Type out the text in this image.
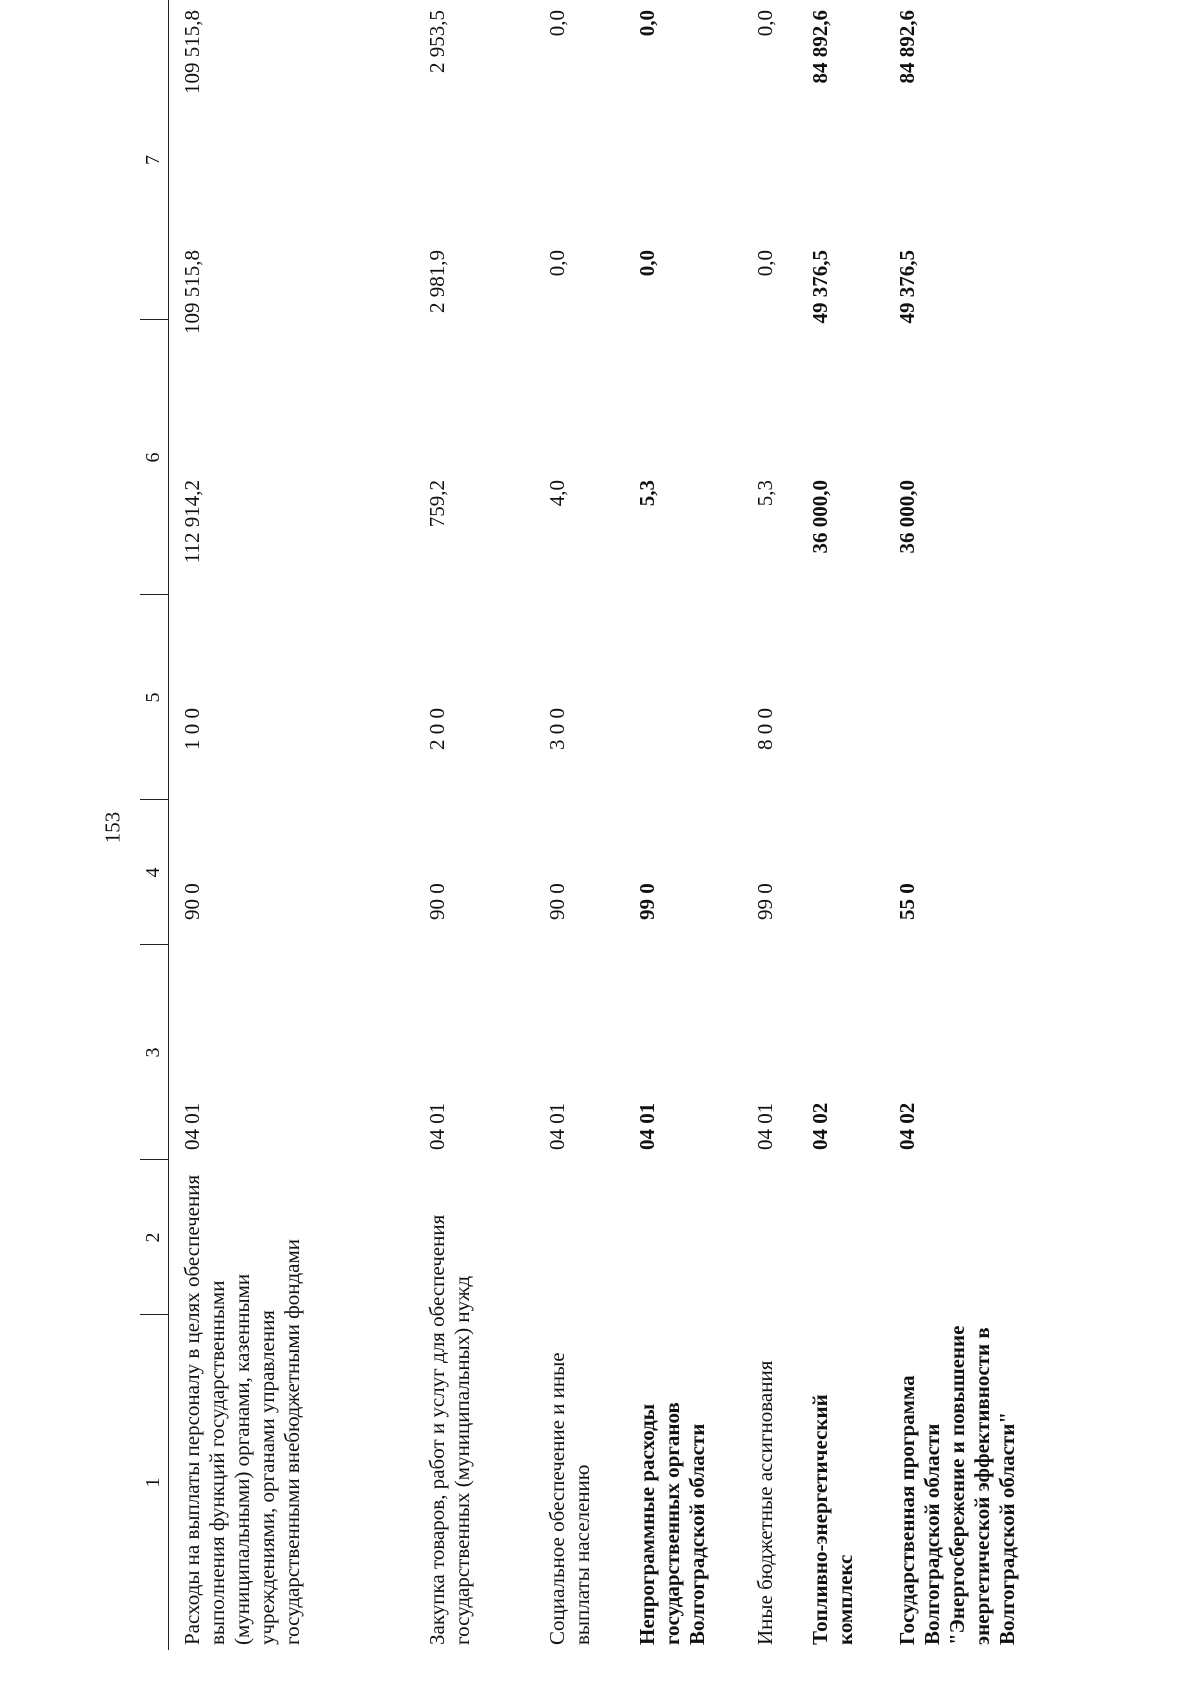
153
1
2
3
4
5
6
7
Расходы на выплаты персоналу в целях обеспечения выполнения функций государственными (муниципальными) органами, казенными учреждениями, органами управления государственными внебюджетными фондами
04 01
90 0
1 0 0
112 914,2
109 515,8
109 515,8
Закупка товаров, работ и услуг для обеспечения государственных (муниципальных) нужд
04 01
90 0
2 0 0
759,2
2 981,9
2 953,5
Социальное обеспечение и иные выплаты населению
04 01
90 0
3 0 0
4,0
0,0
0,0
Непрограммные расходы государственных органов Волгоградской области
04 01
99 0
5,3
0,0
0,0
Иные бюджетные ассигнования
04 01
99 0
8 0 0
5,3
0,0
0,0
Топливно-энергетический комплекс
04 02
36 000,0
49 376,5
84 892,6
Государственная программа Волгоградской области "Энергосбережение и повышение энергетической эффективности в Волгоградской области"
04 02
55 0
36 000,0
49 376,5
84 892,6
